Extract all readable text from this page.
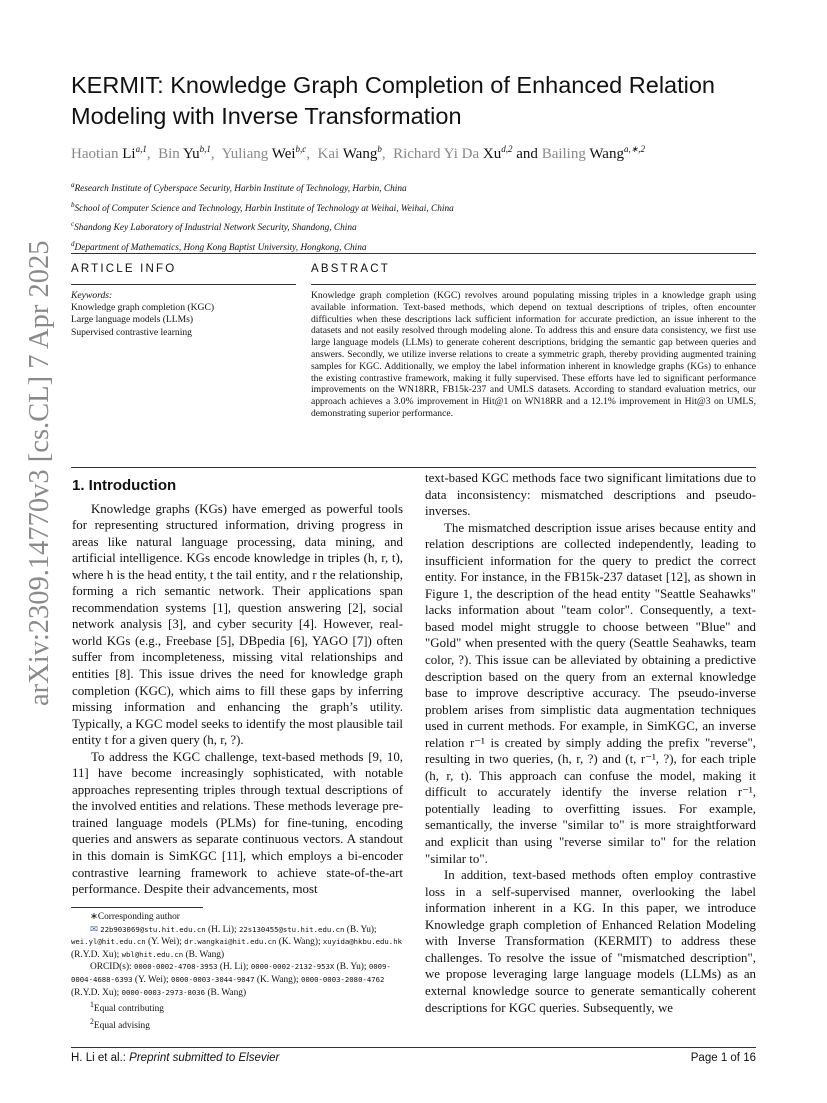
arXiv:2309.14770v3 [cs.CL] 7 Apr 2025
KERMIT: Knowledge Graph Completion of Enhanced Relation Modeling with Inverse Transformation
Haotian Li$^{a,1}$,  Bin Yu$^{b,1}$,  Yuliang Wei$^{b,c}$,  Kai Wang$^b$,  Richard Yi Da Xu$^{d,2}$ and Bailing Wang$^{a,∗,2}$
$^a$Research Institute of Cyberspace Security, Harbin Institute of Technology, Harbin, China
$^b$School of Computer Science and Technology, Harbin Institute of Technology at Weihai, Weihai, China
$^c$Shandong Key Laboratory of Industrial Network Security, Shandong, China
$^d$Department of Mathematics, Hong Kong Baptist University, Hongkong, China
ARTICLE INFO	ABSTRACT
Keywords:
Knowledge graph completion (KGC)
Large language models (LLMs)
Supervised contrastive learning
Knowledge graph completion (KGC) revolves around populating missing triples in a knowledge graph using available information. Text-based methods, which depend on textual descriptions of triples, often encounter difficulties when these descriptions lack sufficient information for accurate prediction, an issue inherent to the datasets and not easily resolved through modeling alone. To address this and ensure data consistency, we first use large language models (LLMs) to generate coherent descriptions, bridging the semantic gap between queries and answers. Secondly, we utilize inverse relations to create a symmetric graph, thereby providing augmented training samples for KGC. Additionally, we employ the label information inherent in knowledge graphs (KGs) to enhance the existing contrastive framework, making it fully supervised. These efforts have led to significant performance improvements on the WN18RR, FB15k-237 and UMLS datasets. According to standard evaluation metrics, our approach achieves a 3.0% improvement in Hit@1 on WN18RR and a 12.1% improvement in Hit@3 on UMLS, demonstrating superior performance.
1. Introduction

Knowledge graphs (KGs) have emerged as powerful tools for representing structured information, driving progress in areas like natural language processing, data mining, and artificial intelligence. KGs encode knowledge in triples (h, r, t), where h is the head entity, t the tail entity, and r the relationship, forming a rich semantic network. Their applications span recommendation systems [1], question answering [2], social network analysis [3], and cyber security [4]. However, real-world KGs (e.g., Freebase [5], DBpedia [6], YAGO [7]) often suffer from incompleteness, missing vital relationships and entities [8]. This issue drives the need for knowledge graph completion (KGC), which aims to fill these gaps by inferring missing information and enhancing the graph’s utility. Typically, a KGC model seeks to identify the most plausible tail entity t for a given query (h, r, ?).

To address the KGC challenge, text-based methods [9, 10, 11] have become increasingly sophisticated, with notable approaches representing triples through textual descriptions of the involved entities and relations. These methods leverage pre-trained language models (PLMs) for fine-tuning, encoding queries and answers as separate continuous vectors. A standout in this domain is SimKGC [11], which employs a bi-encoder contrastive learning framework to achieve state-of-the-art performance. Despite their advancements, most

text-based KGC methods face two significant limitations due to data inconsistency: mismatched descriptions and pseudo-inverses.

The mismatched description issue arises because entity and relation descriptions are collected independently, leading to insufficient information for the query to predict the correct entity. For instance, in the FB15k-237 dataset [12], as shown in Figure 1, the description of the head entity "Seattle Seahawks" lacks information about "team color". Consequently, a text-based model might struggle to choose between "Blue" and "Gold" when presented with the query (Seattle Seahawks, team color, ?). This issue can be alleviated by obtaining a predictive description based on the query from an external knowledge base to improve descriptive accuracy. The pseudo-inverse problem arises from simplistic data augmentation techniques used in current methods. For example, in SimKGC, an inverse relation r⁻¹ is created by simply adding the prefix "reverse", resulting in two queries, (h, r, ?) and (t, r⁻¹, ?), for each triple (h, r, t). This approach can confuse the model, making it difficult to accurately identify the inverse relation r⁻¹, potentially leading to overfitting issues. For example, semantically, the inverse "similar to" is more straightforward and explicit than using "reverse similar to" for the relation "similar to".

In addition, text-based methods often employ contrastive loss in a self-supervised manner, overlooking the label information inherent in a KG. In this paper, we introduce Knowledge graph completion of Enhanced Relation Modeling with Inverse Transformation (KERMIT) to address these challenges. To resolve the issue of "mismatched description", we propose leveraging large language models (LLMs) as an external knowledge source to generate semantically coherent descriptions for KGC queries. Subsequently, we

∗Corresponding author

✉ 22b903069@stu.hit.edu.cn (H. Li); 22s130455@stu.hit.edu.cn (B. Yu); wei.yl@hit.edu.cn (Y. Wei); dr.wangkai@hit.edu.cn (K. Wang); xuyida@hkbu.edu.hk (R.Y.D. Xu); wbl@hit.edu.cn (B. Wang)

ORCID(s): 0000-0002-4708-3953 (H. Li); 0000-0002-2132-953X (B. Yu); 0009-0004-4688-6393 (Y. Wei); 0000-0003-3044-9047 (K. Wang); 0000-0003-2080-4762 (R.Y.D. Xu); 0000-0003-2973-8036 (B. Wang)

$^1$Equal contributing

$^2$Equal advising

H. Li et al.: Preprint submitted to Elsevier	Page 1 of 16
